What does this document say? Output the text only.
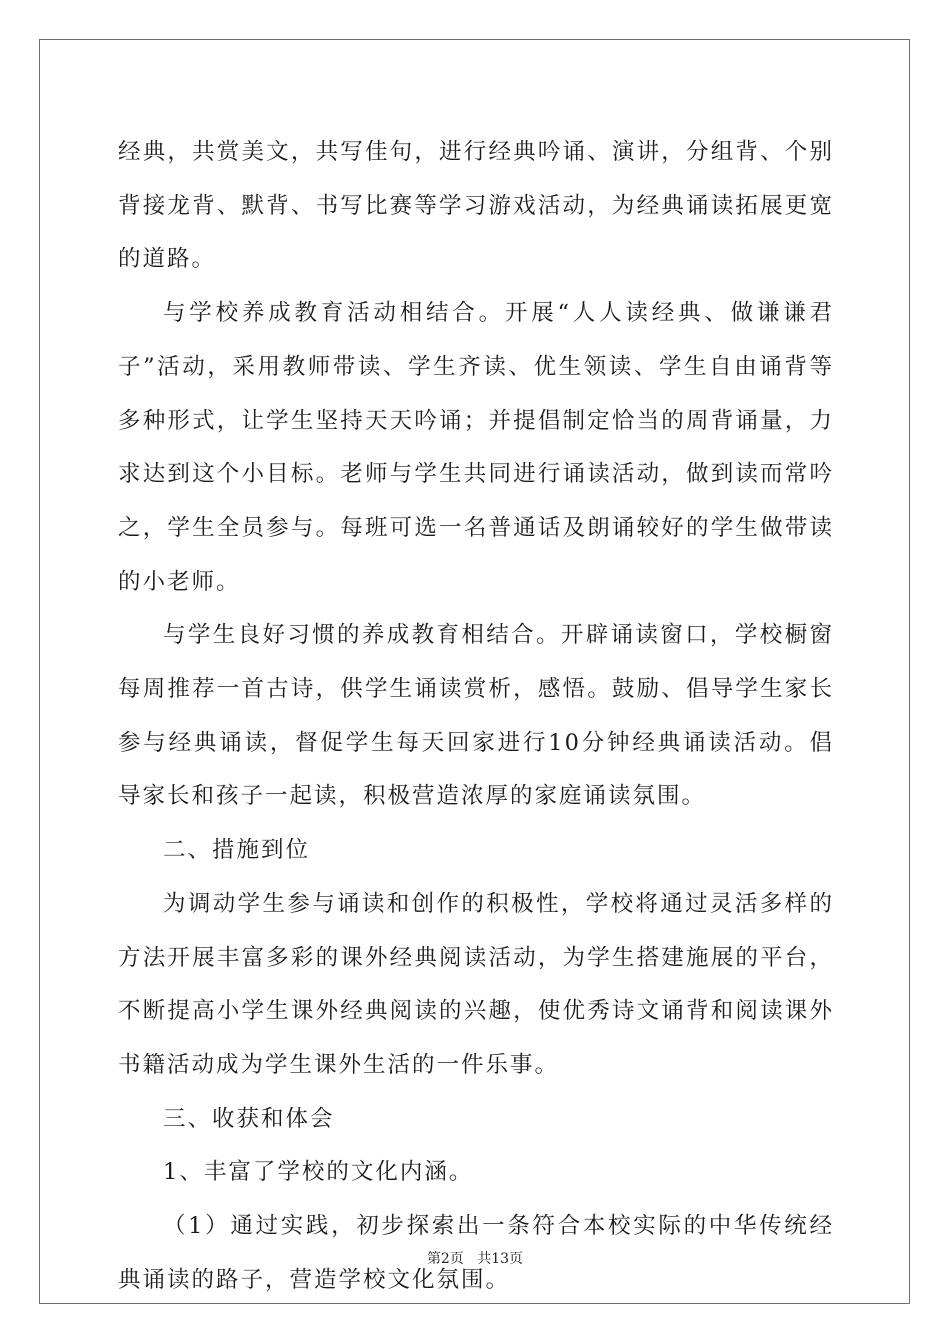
经典，共赏美文，共写佳句，进行经典吟诵、演讲，分组背、个别背接龙背、默背、书写比赛等学习游戏活动，为经典诵读拓展更宽的道路。

与学校养成教育活动相结合。开展“人人读经典、做谦谦君子”活动，采用教师带读、学生齐读、优生领读、学生自由诵背等多种形式，让学生坚持天天吟诵；并提倡制定恰当的周背诵量，力求达到这个小目标。老师与学生共同进行诵读活动，做到读而常吟之，学生全员参与。每班可选一名普通话及朗诵较好的学生做带读的小老师。

与学生良好习惯的养成教育相结合。开辟诵读窗口，学校橱窗每周推荐一首古诗，供学生诵读赏析，感悟。鼓励、倡导学生家长参与经典诵读，督促学生每天回家进行10分钟经典诵读活动。倡导家长和孩子一起读，积极营造浓厚的家庭诵读氛围。

二、措施到位

为调动学生参与诵读和创作的积极性，学校将通过灵活多样的方法开展丰富多彩的课外经典阅读活动，为学生搭建施展的平台，不断提高小学生课外经典阅读的兴趣，使优秀诗文诵背和阅读课外书籍活动成为学生课外生活的一件乐事。

三、收获和体会

1、丰富了学校的文化内涵。

（1）通过实践，初步探索出一条符合本校实际的中华传统经典诵读的路子，营造学校文化氛围。

第2页 共13页
